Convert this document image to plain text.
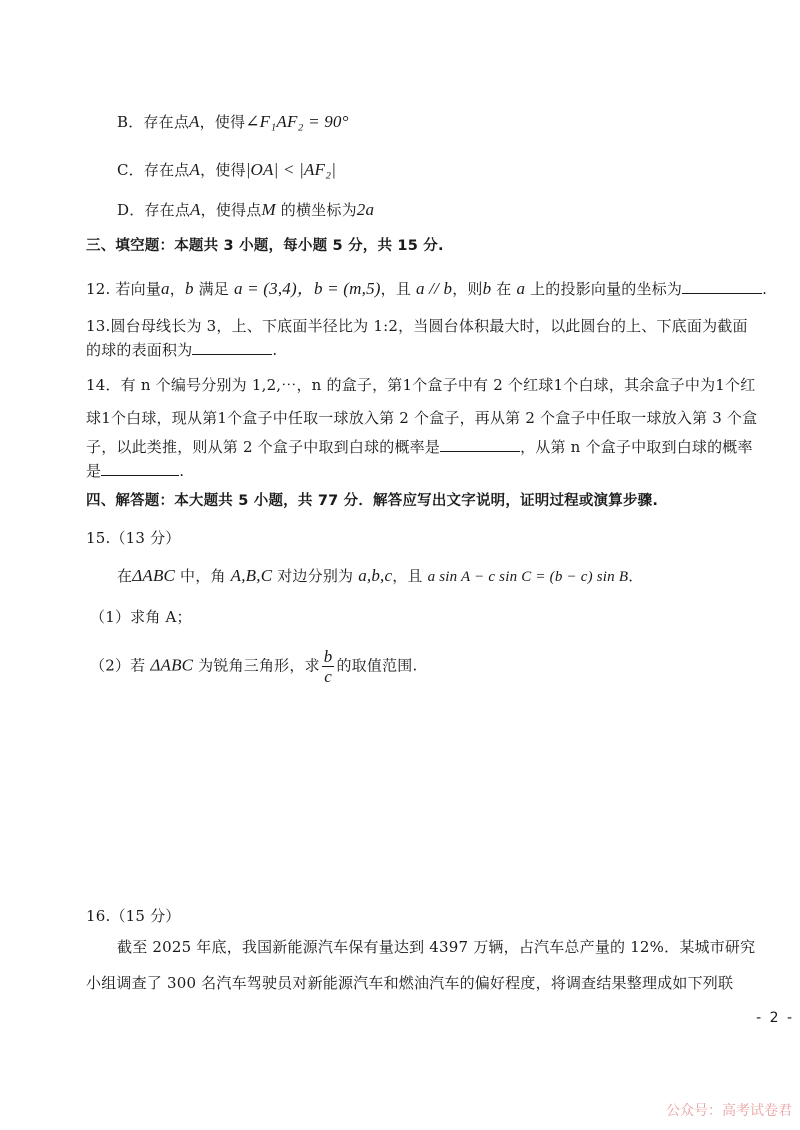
B．存在点A，使得∠F₁AF₂ = 90°
C．存在点A，使得|OA| < |AF₂|
D．存在点A，使得点M 的横坐标为2a
三、填空题：本题共 3 小题，每小题 5 分，共 15 分.
12. 若向量a，b 满足 a = (3,4)，b = (m,5)，且 a // b，则b 在 a 上的投影向量的坐标为	.
13.圆台母线长为 3，上、下底面半径比为 1:2，当圆台体积最大时，以此圆台的上、下底面为截面
的球的表面积为	.
14．有 n 个编号分别为 1,2,⋯，n 的盒子，第1个盒子中有 2 个红球1个白球，其余盒子中为1个红
球1个白球，现从第1个盒子中任取一球放入第 2 个盒子，再从第 2 个盒子中任取一球放入第 3 个盒
子，以此类推，则从第 2 个盒子中取到白球的概率是	，从第 n 个盒子中取到白球的概率
是	.
四、解答题：本大题共 5 小题，共 77 分．解答应写出文字说明，证明过程或演算步骤.
15.（13 分）
在ΔABC 中，角 A,B,C 对边分别为 a,b,c，且 a sin A − c sin C = (b − c) sin B．
（1）求角 A；
（2）若 ΔABC 为锐角三角形，求 $\frac{b}{c}$ 的取值范围.
16.（15 分）
截至 2025 年底，我国新能源汽车保有量达到 4397 万辆，占汽车总产量的 12%．某城市研究
小组调查了 300 名汽车驾驶员对新能源汽车和燃油汽车的偏好程度，将调查结果整理成如下列联
- 2 -
公众号：高考试卷君
